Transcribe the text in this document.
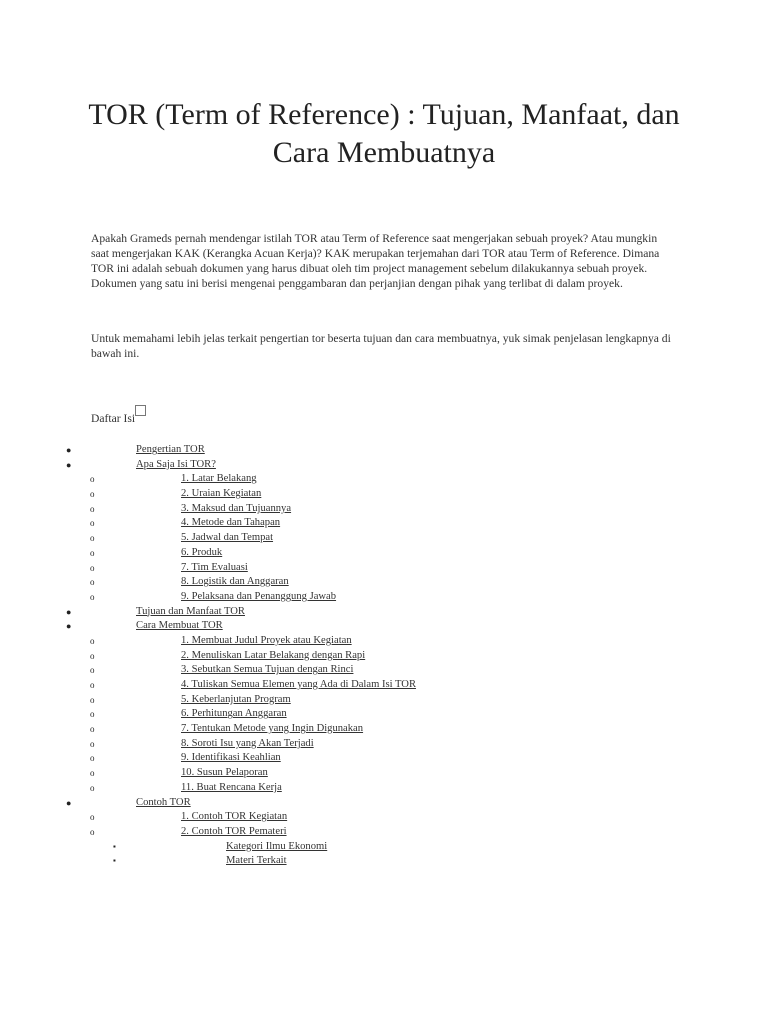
TOR (Term of Reference) : Tujuan, Manfaat, dan Cara Membuatnya

Apakah Grameds pernah mendengar istilah TOR atau Term of Reference saat mengerjakan sebuah proyek? Atau mungkin saat mengerjakan KAK (Kerangka Acuan Kerja)? KAK merupakan terjemahan dari TOR atau Term of Reference. Dimana TOR ini adalah sebuah dokumen yang harus dibuat oleh tim project management sebelum dilakukannya sebuah proyek. Dokumen yang satu ini berisi mengenai penggambaran dan perjanjian dengan pihak yang terlibat di dalam proyek.

Untuk memahami lebih jelas terkait pengertian tor beserta tujuan dan cara membuatnya, yuk simak penjelasan lengkapnya di bawah ini.

Daftar Isi
●	Pengertian TOR
●	Apa Saja Isi TOR?
o	1. Latar Belakang
o	2. Uraian Kegiatan
o	3. Maksud dan Tujuannya
o	4. Metode dan Tahapan
o	5. Jadwal dan Tempat
o	6. Produk
o	7. Tim Evaluasi
o	8. Logistik dan Anggaran
o	9. Pelaksana dan Penanggung Jawab
●	Tujuan dan Manfaat TOR
●	Cara Membuat TOR
o	1. Membuat Judul Proyek atau Kegiatan
o	2. Menuliskan Latar Belakang dengan Rapi
o	3. Sebutkan Semua Tujuan dengan Rinci
o	4. Tuliskan Semua Elemen yang Ada di Dalam Isi TOR
o	5. Keberlanjutan Program
o	6. Perhitungan Anggaran
o	7. Tentukan Metode yang Ingin Digunakan
o	8. Soroti Isu yang Akan Terjadi
o	9. Identifikasi Keahlian
o	10. Susun Pelaporan
o	11. Buat Rencana Kerja
●	Contoh TOR
o	1. Contoh TOR Kegiatan
o	2. Contoh TOR Pemateri
▪	Kategori Ilmu Ekonomi
▪	Materi Terkait
